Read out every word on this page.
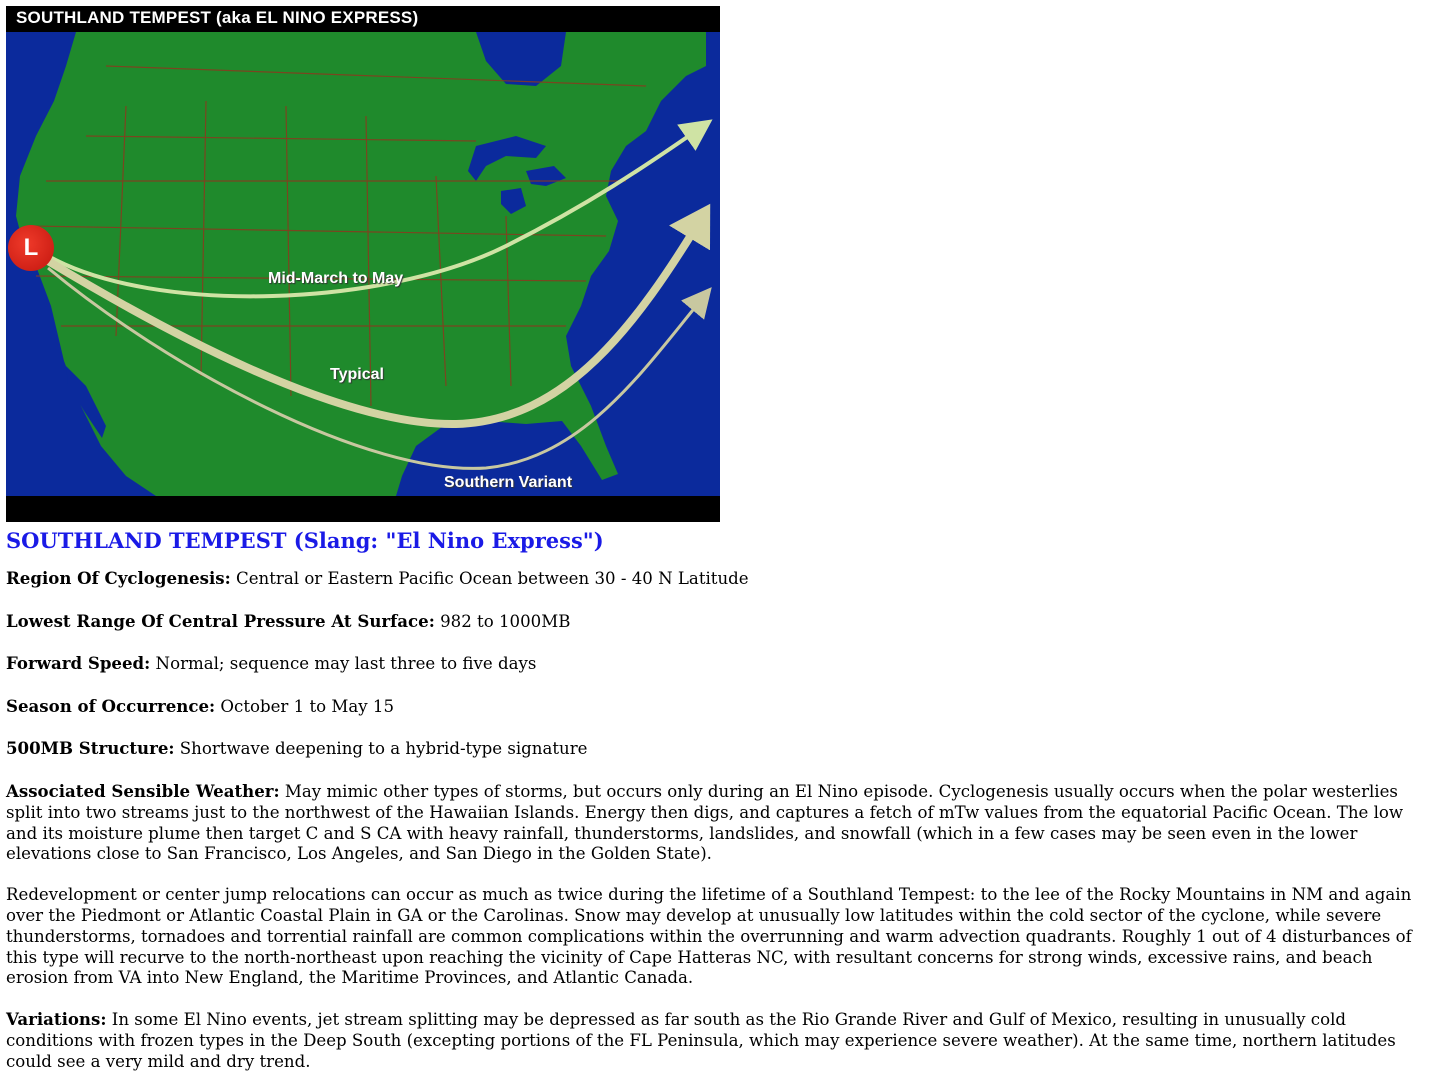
SOUTHLAND TEMPEST (aka EL NINO EXPRESS)
L
Mid-March to May
Typical
Southern Variant
SOUTHLAND TEMPEST (Slang: "El Nino Express")

Region Of Cyclogenesis: Central or Eastern Pacific Ocean between 30 - 40 N Latitude

Lowest Range Of Central Pressure At Surface: 982 to 1000MB

Forward Speed: Normal; sequence may last three to five days

Season of Occurrence: October 1 to May 15

500MB Structure: Shortwave deepening to a hybrid-type signature

Associated Sensible Weather: May mimic other types of storms, but occurs only during an El Nino episode. Cyclogenesis usually occurs when the polar westerlies split into two streams just to the northwest of the Hawaiian Islands. Energy then digs, and captures a fetch of mTw values from the equatorial Pacific Ocean. The low and its moisture plume then target C and S CA with heavy rainfall, thunderstorms, landslides, and snowfall (which in a few cases may be seen even in the lower elevations close to San Francisco, Los Angeles, and San Diego in the Golden State).

Redevelopment or center jump relocations can occur as much as twice during the lifetime of a Southland Tempest: to the lee of the Rocky Mountains in NM and again over the Piedmont or Atlantic Coastal Plain in GA or the Carolinas. Snow may develop at unusually low latitudes within the cold sector of the cyclone, while severe thunderstorms, tornadoes and torrential rainfall are common complications within the overrunning and warm advection quadrants. Roughly 1 out of 4 disturbances of this type will recurve to the north-northeast upon reaching the vicinity of Cape Hatteras NC, with resultant concerns for strong winds, excessive rains, and beach erosion from VA into New England, the Maritime Provinces, and Atlantic Canada.

Variations: In some El Nino events, jet stream splitting may be depressed as far south as the Rio Grande River and Gulf of Mexico, resulting in unusually cold conditions with frozen types in the Deep South (excepting portions of the FL Peninsula, which may experience severe weather). At the same time, northern latitudes could see a very mild and dry trend.
